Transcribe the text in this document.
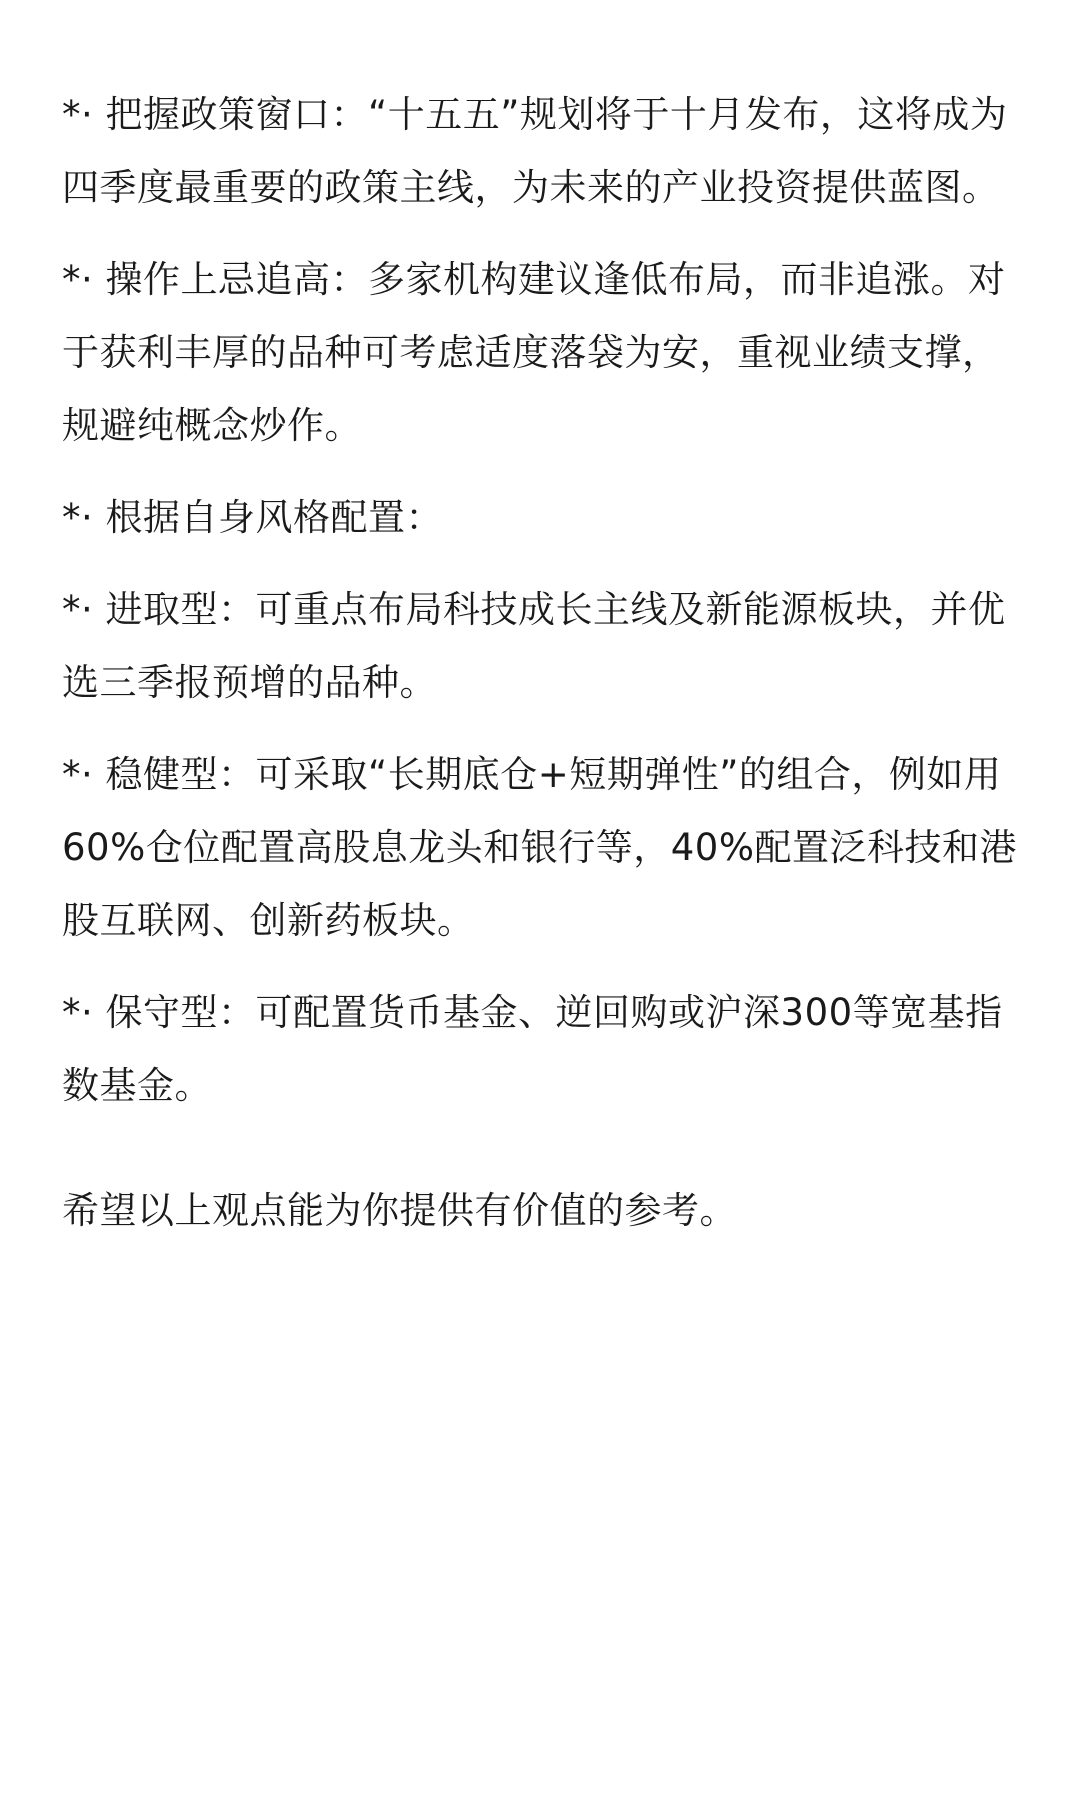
*· 把握政策窗口：“十五五”规划将于十月发布，这将成为四季度最重要的政策主线，为未来的产业投资提供蓝图。

*· 操作上忌追高：多家机构建议逢低布局，而非追涨。对于获利丰厚的品种可考虑适度落袋为安，重视业绩支撑，规避纯概念炒作。

*· 根据自身风格配置：

*· 进取型：可重点布局科技成长主线及新能源板块，并优选三季报预增的品种。

*· 稳健型：可采取“长期底仓+短期弹性”的组合，例如用60%仓位配置高股息龙头和银行等，40%配置泛科技和港股互联网、创新药板块。

*· 保守型：可配置货币基金、逆回购或沪深300等宽基指数基金。

希望以上观点能为你提供有价值的参考。
